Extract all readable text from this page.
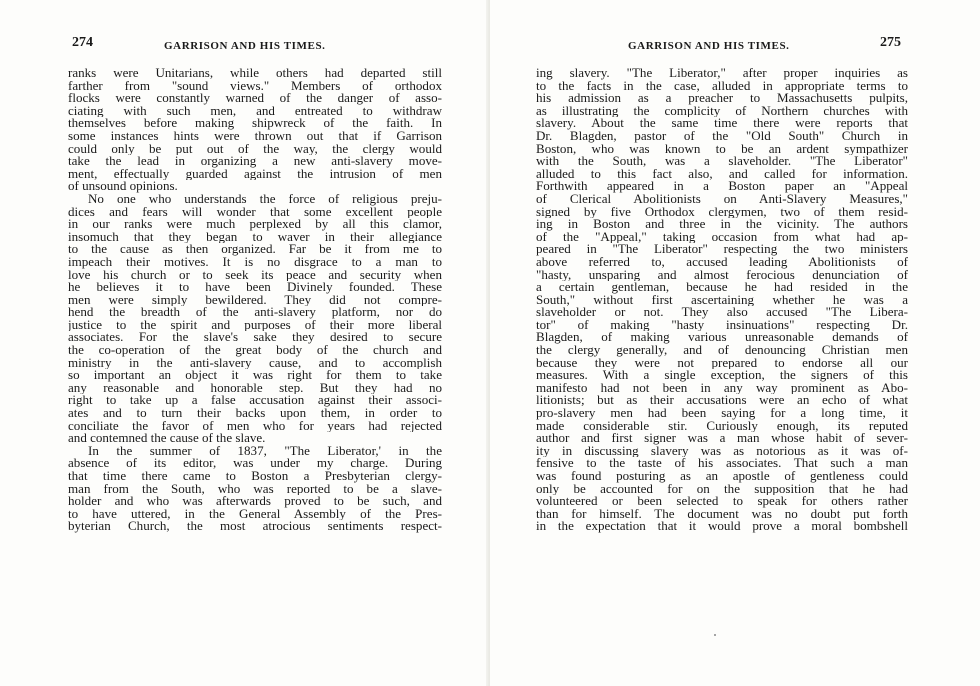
274	GARRISON AND HIS TIMES.
ranks were Unitarians, while others had departed still
farther from "sound views." Members of orthodox
flocks were constantly warned of the danger of asso-
ciating with such men, and entreated to withdraw
themselves before making shipwreck of the faith. In
some instances hints were thrown out that if Garrison
could only be put out of the way, the clergy would
take the lead in organizing a new anti-slavery move-
ment, effectually guarded against the intrusion of men
of unsound opinions.
No one who understands the force of religious preju-
dices and fears will wonder that some excellent people
in our ranks were much perplexed by all this clamor,
insomuch that they began to waver in their allegiance
to the cause as then organized. Far be it from me to
impeach their motives. It is no disgrace to a man to
love his church or to seek its peace and security when
he believes it to have been Divinely founded. These
men were simply bewildered. They did not compre-
hend the breadth of the anti-slavery platform, nor do
justice to the spirit and purposes of their more liberal
associates. For the slave's sake they desired to secure
the co-operation of the great body of the church and
ministry in the anti-slavery cause, and to accomplish
so important an object it was right for them to take
any reasonable and honorable step. But they had no
right to take up a false accusation against their associ-
ates and to turn their backs upon them, in order to
conciliate the favor of men who for years had rejected
and contemned the cause of the slave.
In the summer of 1837, "The Liberator,' in the
absence of its editor, was under my charge. During
that time there came to Boston a Presbyterian clergy-
man from the South, who was reported to be a slave-
holder and who was afterwards proved to be such, and
to have uttered, in the General Assembly of the Pres-
byterian Church, the most atrocious sentiments respect-
GARRISON AND HIS TIMES.	275
ing slavery. "The Liberator," after proper inquiries as
to the facts in the case, alluded in appropriate terms to
his admission as a preacher to Massachusetts pulpits,
as illustrating the complicity of Northern churches with
slavery. About the same time there were reports that
Dr. Blagden, pastor of the "Old South" Church in
Boston, who was known to be an ardent sympathizer
with the South, was a slaveholder. "The Liberator"
alluded to this fact also, and called for information.
Forthwith appeared in a Boston paper an "Appeal
of Clerical Abolitionists on Anti-Slavery Measures,"
signed by five Orthodox clergymen, two of them resid-
ing in Boston and three in the vicinity. The authors
of the "Appeal," taking occasion from what had ap-
peared in "The Liberator" respecting the two ministers
above referred to, accused leading Abolitionists of
"hasty, unsparing and almost ferocious denunciation of
a certain gentleman, because he had resided in the
South," without first ascertaining whether he was a
slaveholder or not. They also accused "The Libera-
tor" of making "hasty insinuations" respecting Dr.
Blagden, of making various unreasonable demands of
the clergy generally, and of denouncing Christian men
because they were not prepared to endorse all our
measures. With a single exception, the signers of this
manifesto had not been in any way prominent as Abo-
litionists; but as their accusations were an echo of what
pro-slavery men had been saying for a long time, it
made considerable stir. Curiously enough, its reputed
author and first signer was a man whose habit of sever-
ity in discussing slavery was as notorious as it was of-
fensive to the taste of his associates. That such a man
was found posturing as an apostle of gentleness could
only be accounted for on the supposition that he had
volunteered or been selected to speak for others rather
than for himself. The document was no doubt put forth
in the expectation that it would prove a moral bombshell
